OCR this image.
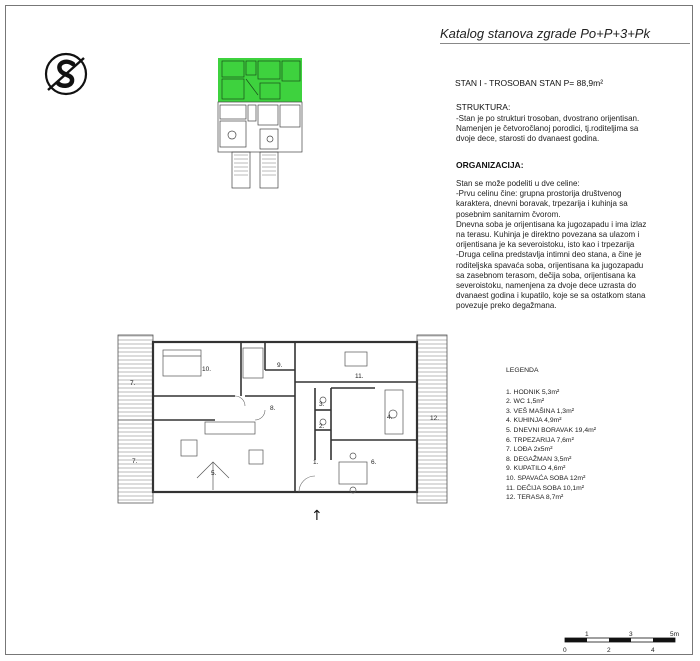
Katalog stanova zgrade Po+P+3+Pk
STAN I - TROSOBAN STAN P= 88,9m²
STRUKTURA:
-Stan je po strukturi trosoban, dvostrano orijentisan.
Namenjen je četvoročlanoj porodici, tj.roditeljima sa
dvoje dece, starosti do dvanaest godina.
ORGANIZACIJA:
Stan se može podeliti u dve celine:
-Prvu celinu čine: grupna prostorija društvenog
karaktera, dnevni boravak, trpezarija i kuhinja sa
posebnim sanitarnim čvorom.
Dnevna soba je orijentisana ka jugozapadu i ima izlaz
na terasu. Kuhinja je direktno povezana sa ulazom i
orijentisana je ka severoistoku, isto kao i trpezarija
-Druga celina predstavlja intimni deo stana, a čine je
roditeljska spavaća soba, orijentisana ka jugozapadu
sa zasebnom terasom, dečija soba, orijentisana ka
severoistoku, namenjena za dvoje dece uzrasta do
dvanaest godina i kupatilo, koje se sa ostatkom stana
povezuje preko degažmana.
1.
2.
3.
4.
5.
6.
7.
7.
8.
9.
10.
11.
12.
↑
LEGENDA
1. HODNIK 5,3m²
2. WC 1,5m²
3. VEŠ MAŠINA 1,3m²
4. KUHINJA 4,9m²
5. DNEVNI BORAVAK 19,4m²
6. TRPEZARIJA 7,6m²
7. LOĐA 2x5m²
8. DEGAŽMAN 3,5m²
9. KUPATILO 4,6m²
10. SPAVAĆA SOBA 12m²
11. DEČIJA SOBA 10,1m²
12. TERASA 8,7m²
1	3	5m
0	2	4
